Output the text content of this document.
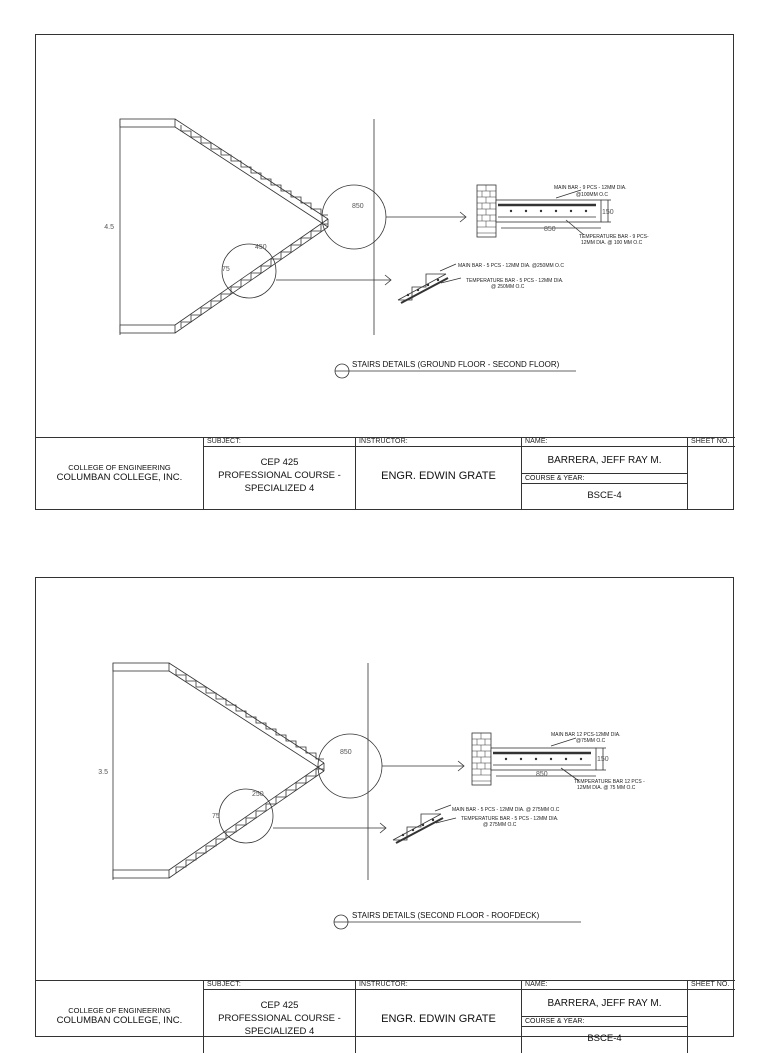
4.5
850
450
75
850
150
MAIN BAR - 9 PCS - 12MM DIA.
@100MM O.C
TEMPERATURE BAR - 9 PCS-
12MM DIA. @ 100 MM O.C
MAIN BAR - 5 PCS - 12MM DIA. @250MM O.C
TEMPERATURE BAR - 5 PCS - 12MM DIA.
@ 250MM O.C
STAIRS DETAILS (GROUND FLOOR - SECOND FLOOR)
COLLEGE OF ENGINEERING
COLUMBAN COLLEGE, INC.
SUBJECT:
CEP 425
PROFESSIONAL COURSE -
SPECIALIZED 4
INSTRUCTOR:
ENGR. EDWIN GRATE
NAME:
BARRERA, JEFF RAY M.
COURSE & YEAR:
BSCE-4
SHEET NO.
3.5
850
250
75
850
150
MAIN BAR 12 PCS-12MM DIA.
@75MM O.C
TEMPERATURE BAR 12 PCS -
12MM DIA. @ 75 MM O.C
MAIN BAR - 5 PCS - 12MM DIA. @ 275MM O.C
TEMPERATURE BAR - 5 PCS - 12MM DIA.
@ 275MM O.C
STAIRS DETAILS (SECOND FLOOR - ROOFDECK)
COLLEGE OF ENGINEERING
COLUMBAN COLLEGE, INC.
SUBJECT:
CEP 425
PROFESSIONAL COURSE -
SPECIALIZED 4
INSTRUCTOR:
ENGR. EDWIN GRATE
NAME:
BARRERA, JEFF RAY M.
COURSE & YEAR:
BSCE-4
SHEET NO.
